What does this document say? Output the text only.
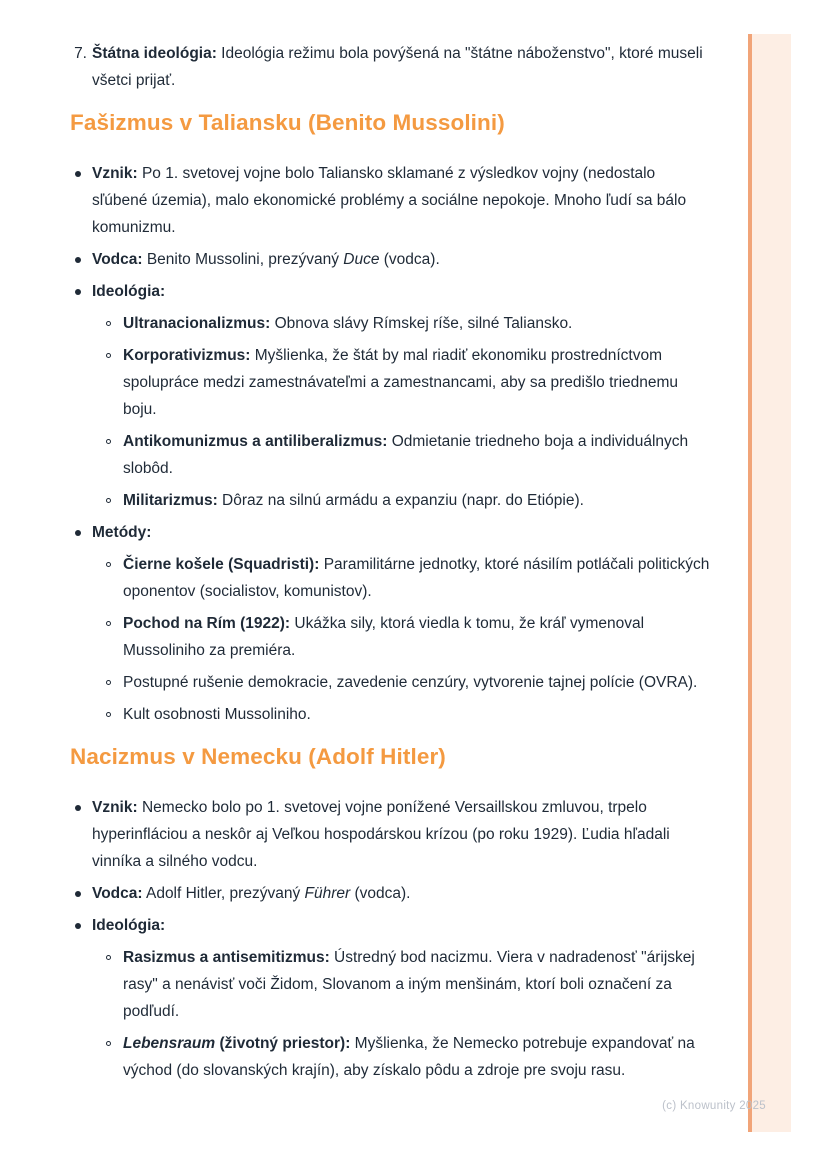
7. Štátna ideológia: Ideológia režimu bola povýšená na "štátne náboženstvo", ktoré museli všetci prijať.
Fašizmus v Taliansku (Benito Mussolini)
Vznik: Po 1. svetovej vojne bolo Taliansko sklamané z výsledkov vojny (nedostalo sľúbené územia), malo ekonomické problémy a sociálne nepokoje. Mnoho ľudí sa bálo komunizmu.
Vodca: Benito Mussolini, prezývaný Duce (vodca).
Ideológia:
Ultranacionalizmus: Obnova slávy Rímskej ríše, silné Taliansko.
Korporativizmus: Myšlienka, že štát by mal riadiť ekonomiku prostredníctvom spolupráce medzi zamestnávateľmi a zamestnancami, aby sa predišlo triednemu boju.
Antikomunizmus a antiliberalizmus: Odmietanie triedneho boja a individuálnych slobôd.
Militarizmus: Dôraz na silnú armádu a expanziu (napr. do Etiópie).
Metódy:
Čierne košele (Squadristi): Paramilitárne jednotky, ktoré násilím potláčali politických oponentov (socialistov, komunistov).
Pochod na Rím (1922): Ukážka sily, ktorá viedla k tomu, že kráľ vymenoval Mussoliniho za premiéra.
Postupné rušenie demokracie, zavedenie cenzúry, vytvorenie tajnej polície (OVRA).
Kult osobnosti Mussoliniho.
Nacizmus v Nemecku (Adolf Hitler)
Vznik: Nemecko bolo po 1. svetovej vojne ponížené Versaillskou zmluvou, trpelo hyperinfláciou a neskôr aj Veľkou hospodárskou krízou (po roku 1929). Ľudia hľadali vinníka a silného vodcu.
Vodca: Adolf Hitler, prezývaný Führer (vodca).
Ideológia:
Rasizmus a antisemitizmus: Ústredný bod nacizmu. Viera v nadradenosť "árijskej rasy" a nenávisť voči Židom, Slovanom a iným menšinám, ktorí boli označení za podľudí.
Lebensraum (životný priestor): Myšlienka, že Nemecko potrebuje expandovať na východ (do slovanských krajín), aby získalo pôdu a zdroje pre svoju rasu.
(c) Knowunity 2025
